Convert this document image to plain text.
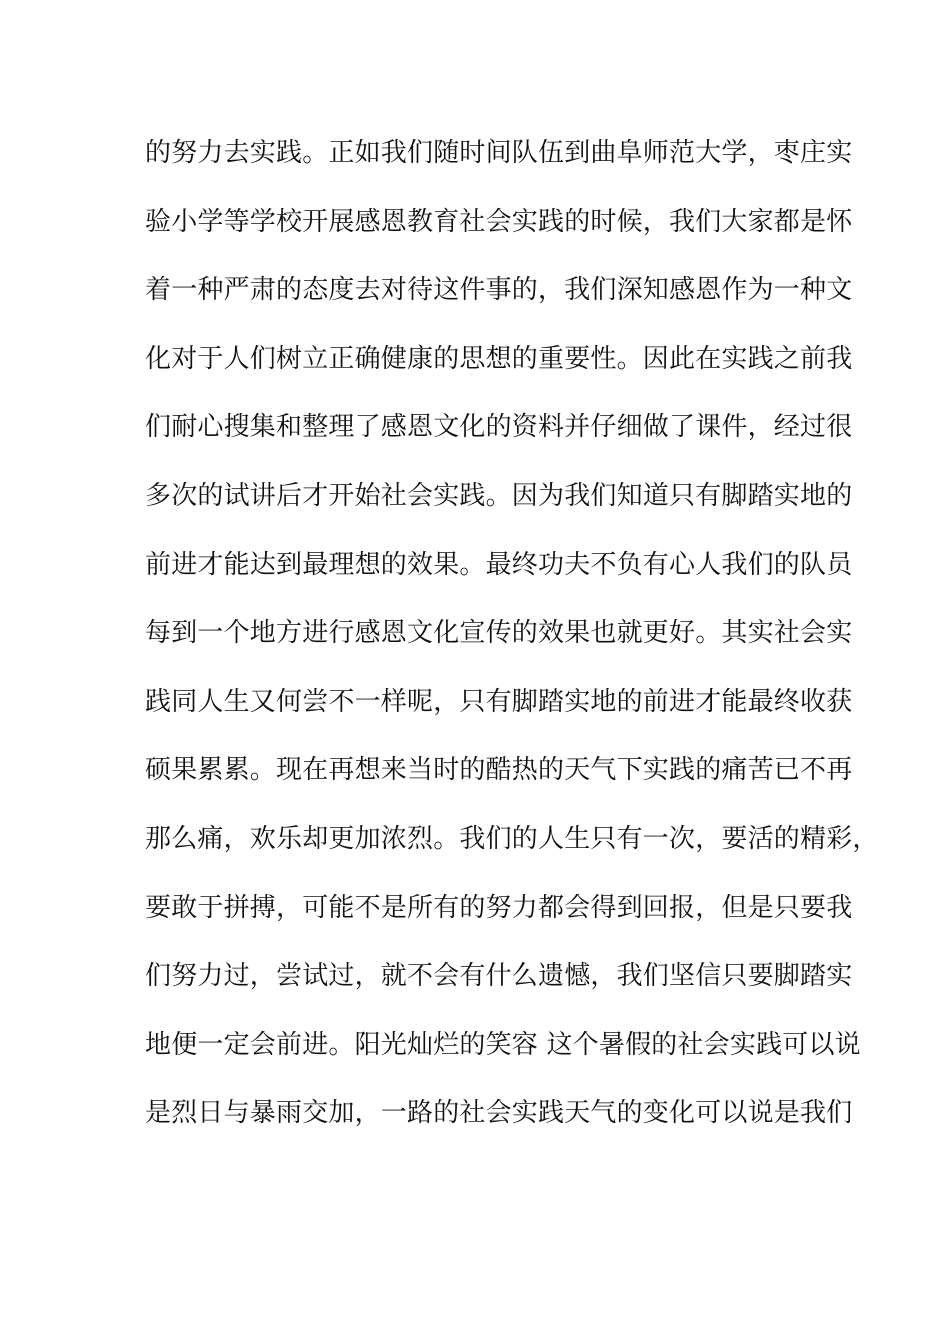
的努力去实践。正如我们随时间队伍到曲阜师范大学，枣庄实
验小学等学校开展感恩教育社会实践的时候，我们大家都是怀
着一种严肃的态度去对待这件事的，我们深知感恩作为一种文
化对于人们树立正确健康的思想的重要性。因此在实践之前我
们耐心搜集和整理了感恩文化的资料并仔细做了课件，经过很
多次的试讲后才开始社会实践。因为我们知道只有脚踏实地的
前进才能达到最理想的效果。最终功夫不负有心人我们的队员
每到一个地方进行感恩文化宣传的效果也就更好。其实社会实
践同人生又何尝不一样呢，只有脚踏实地的前进才能最终收获
硕果累累。现在再想来当时的酷热的天气下实践的痛苦已不再
那么痛，欢乐却更加浓烈。我们的人生只有一次，要活的精彩，
要敢于拼搏，可能不是所有的努力都会得到回报，但是只要我
们努力过，尝试过，就不会有什么遗憾，我们坚信只要脚踏实
地便一定会前进。阳光灿烂的笑容 这个暑假的社会实践可以说
是烈日与暴雨交加，一路的社会实践天气的变化可以说是我们
